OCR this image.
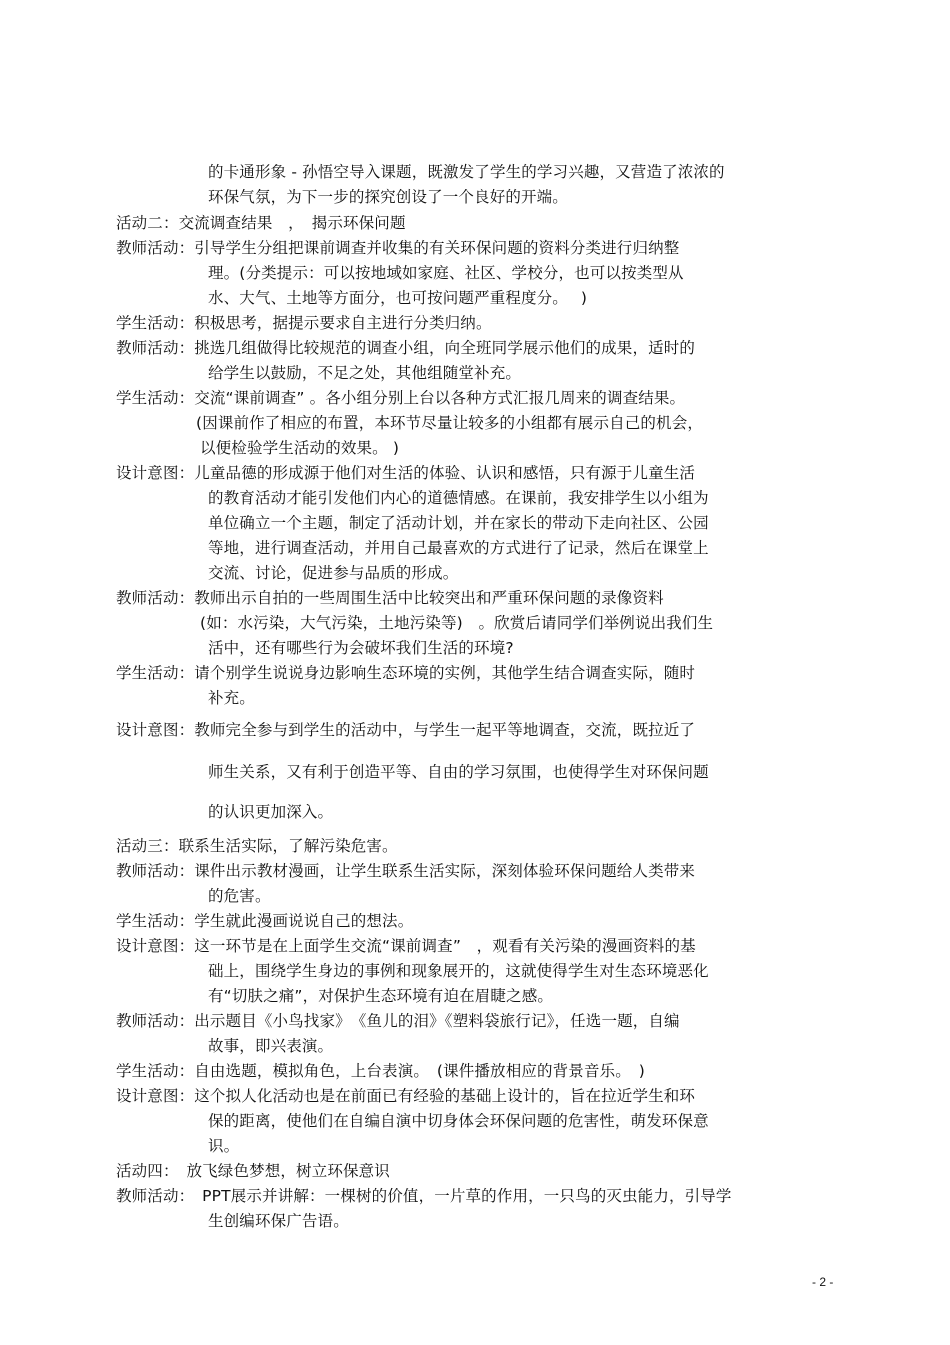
的卡通形象 - 孙悟空导入课题，既激发了学生的学习兴趣，又营造了浓浓的
环保气氛，为下一步的探究创设了一个良好的开端。
活动二：交流调查结果　，　揭示环保问题
教师活动：引导学生分组把课前调查并收集的有关环保问题的资料分类进行归纳整
理。(分类提示：可以按地域如家庭、社区、学校分，也可以按类型从
水、大气、土地等方面分，也可按问题严重程度分。　 )
学生活动：积极思考，据提示要求自主进行分类归纳。
教师活动：挑选几组做得比较规范的调查小组，向全班同学展示他们的成果，适时的
给学生以鼓励，不足之处，其他组随堂补充。
学生活动：交流“课前调查” 。各小组分别上台以各种方式汇报几周来的调查结果。
(因课前作了相应的布置，本环节尽量让较多的小组都有展示自己的机会，
以便检验学生活动的效果。 )
设计意图：儿童品德的形成源于他们对生活的体验、认识和感悟，只有源于儿童生活
的教育活动才能引发他们内心的道德情感。在课前，我安排学生以小组为
单位确立一个主题，制定了活动计划，并在家长的带动下走向社区、公园
等地，进行调查活动，并用自己最喜欢的方式进行了记录，然后在课堂上
交流、讨论，促进参与品质的形成。
教师活动：教师出示自拍的一些周围生活中比较突出和严重环保问题的录像资料
(如：水污染，大气污染，土地污染等)　。欣赏后请同学们举例说出我们生
活中，还有哪些行为会破坏我们生活的环境?
学生活动：请个别学生说说身边影响生态环境的实例，其他学生结合调查实际，随时
补充。
设计意图：教师完全参与到学生的活动中，与学生一起平等地调查，交流，既拉近了
师生关系，又有利于创造平等、自由的学习氛围，也使得学生对环保问题
的认识更加深入。
活动三：联系生活实际，了解污染危害。
教师活动：课件出示教材漫画，让学生联系生活实际，深刻体验环保问题给人类带来
的危害。
学生活动：学生就此漫画说说自己的想法。
设计意图：这一环节是在上面学生交流“课前调查”　，观看有关污染的漫画资料的基
础上，围绕学生身边的事例和现象展开的，这就使得学生对生态环境恶化
有“切肤之痛”，对保护生态环境有迫在眉睫之感。
教师活动：出示题目《小鸟找家》　《鱼儿的泪》《塑料袋旅行记》，任选一题，自编
故事，即兴表演。
学生活动：自由选题，模拟角色，上台表演。　(课件播放相应的背景音乐。　)
设计意图：这个拟人化活动也是在前面已有经验的基础上设计的，旨在拉近学生和环
保的距离，使他们在自编自演中切身体会环保问题的危害性，萌发环保意
识。
活动四：　放飞绿色梦想，树立环保意识
教师活动：　PPT展示并讲解：一棵树的价值，一片草的作用，一只鸟的灭虫能力，引导学
生创编环保广告语。
- 2 -
